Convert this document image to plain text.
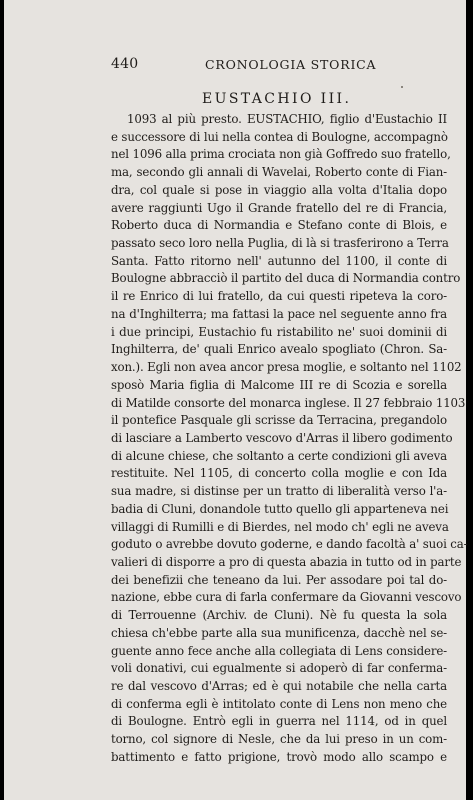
440	CRONOLOGIA STORICA
EUSTACHIO III.
1093 al più presto. EUSTACHIO, figlio d'Eustachio II
e successore di lui nella contea di Boulogne, accompagnò
nel 1096 alla prima crociata non già Goffredo suo fratello,
ma, secondo gli annali di Wavelai, Roberto conte di Fian-
dra, col quale si pose in viaggio alla volta d'Italia dopo
avere raggiunti Ugo il Grande fratello del re di Francia,
Roberto duca di Normandia e Stefano conte di Blois, e
passato seco loro nella Puglia, di là si trasferirono a Terra
Santa. Fatto ritorno nell' autunno del 1100, il conte di
Boulogne abbracciò il partito del duca di Normandia contro
il re Enrico di lui fratello, da cui questi ripeteva la coro-
na d'Inghilterra; ma fattasi la pace nel seguente anno fra
i due principi, Eustachio fu ristabilito ne' suoi dominii di
Inghilterra, de' quali Enrico avealo spogliato (Chron. Sa-
xon.). Egli non avea ancor presa moglie, e soltanto nel 1102
sposò Maria figlia di Malcome III re di Scozia e sorella
di Matilde consorte del monarca inglese. Il 27 febbraio 1103
il pontefice Pasquale gli scrisse da Terracina, pregandolo
di lasciare a Lamberto vescovo d'Arras il libero godimento
di alcune chiese, che soltanto a certe condizioni gli aveva
restituite. Nel 1105, di concerto colla moglie e con Ida
sua madre, si distinse per un tratto di liberalità verso l'a-
badia di Cluni, donandole tutto quello gli apparteneva nei
villaggi di Rumilli e di Bierdes, nel modo ch' egli ne aveva
goduto o avrebbe dovuto goderne, e dando facoltà a' suoi ca-
valieri di disporre a pro di questa abazia in tutto od in parte
dei benefizii che teneano da lui. Per assodare poi tal do-
nazione, ebbe cura di farla confermare da Giovanni vescovo
di Terrouenne (Archiv. de Cluni). Nè fu questa la sola
chiesa ch'ebbe parte alla sua munificenza, dacchè nel se-
guente anno fece anche alla collegiata di Lens considere-
voli donativi, cui egualmente si adoperò di far conferma-
re dal vescovo d'Arras; ed è qui notabile che nella carta
di conferma egli è intitolato conte di Lens non meno che
di Boulogne. Entrò egli in guerra nel 1114, od in quel
torno, col signore di Nesle, che da lui preso in un com-
battimento e fatto prigione, trovò modo allo scampo e
